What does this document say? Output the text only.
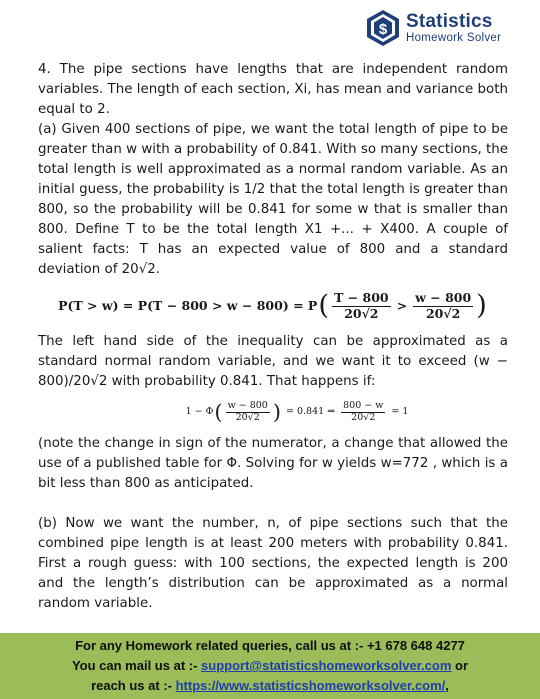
$ Statistics
Homework Solver

4. The pipe sections have lengths that are independent random variables. The length of each section, Xi, has mean and variance both equal to 2.

(a) Given 400 sections of pipe, we want the total length of pipe to be greater than w with a probability of 0.841. With so many sections, the total length is well approximated as a normal random variable. As an initial guess, the probability is 1/2 that the total length is greater than 800, so the probability will be 0.841 for some w that is smaller than 800. Define T to be the total length X1 +... + X400. A couple of salient facts: T has an expected value of 800 and a standard deviation of 20√2.

P(T > w) = P(T − 800 > w − 800) = P ( $\frac{T - 800}{20√2} > \frac{w - 800}{20√2}$ )

The left hand side of the inequality can be approximated as a standard normal random variable, and we want it to exceed (w − 800)/20√2 with probability 0.841. That happens if:

1 − Φ ( $\frac{w - 800}{20√2}$ ) = 0.841 ⇒ $\frac{800 - w}{20√2} = 1$

(note the change in sign of the numerator, a change that allowed the use of a published table for Φ. Solving for w yields w=772 , which is a bit less than 800 as anticipated.

(b) Now we want the number, n, of pipe sections such that the combined pipe length is at least 200 meters with probability 0.841. First a rough guess: with 100 sections, the expected length is 200 and the length’s distribution can be approximated as a normal random variable.

For any Homework related queries, call us at :- +1 678 648 4277
You can mail us at :- support@statisticshomeworksolver.com or
reach us at :- https://www.statisticshomeworksolver.com/,
